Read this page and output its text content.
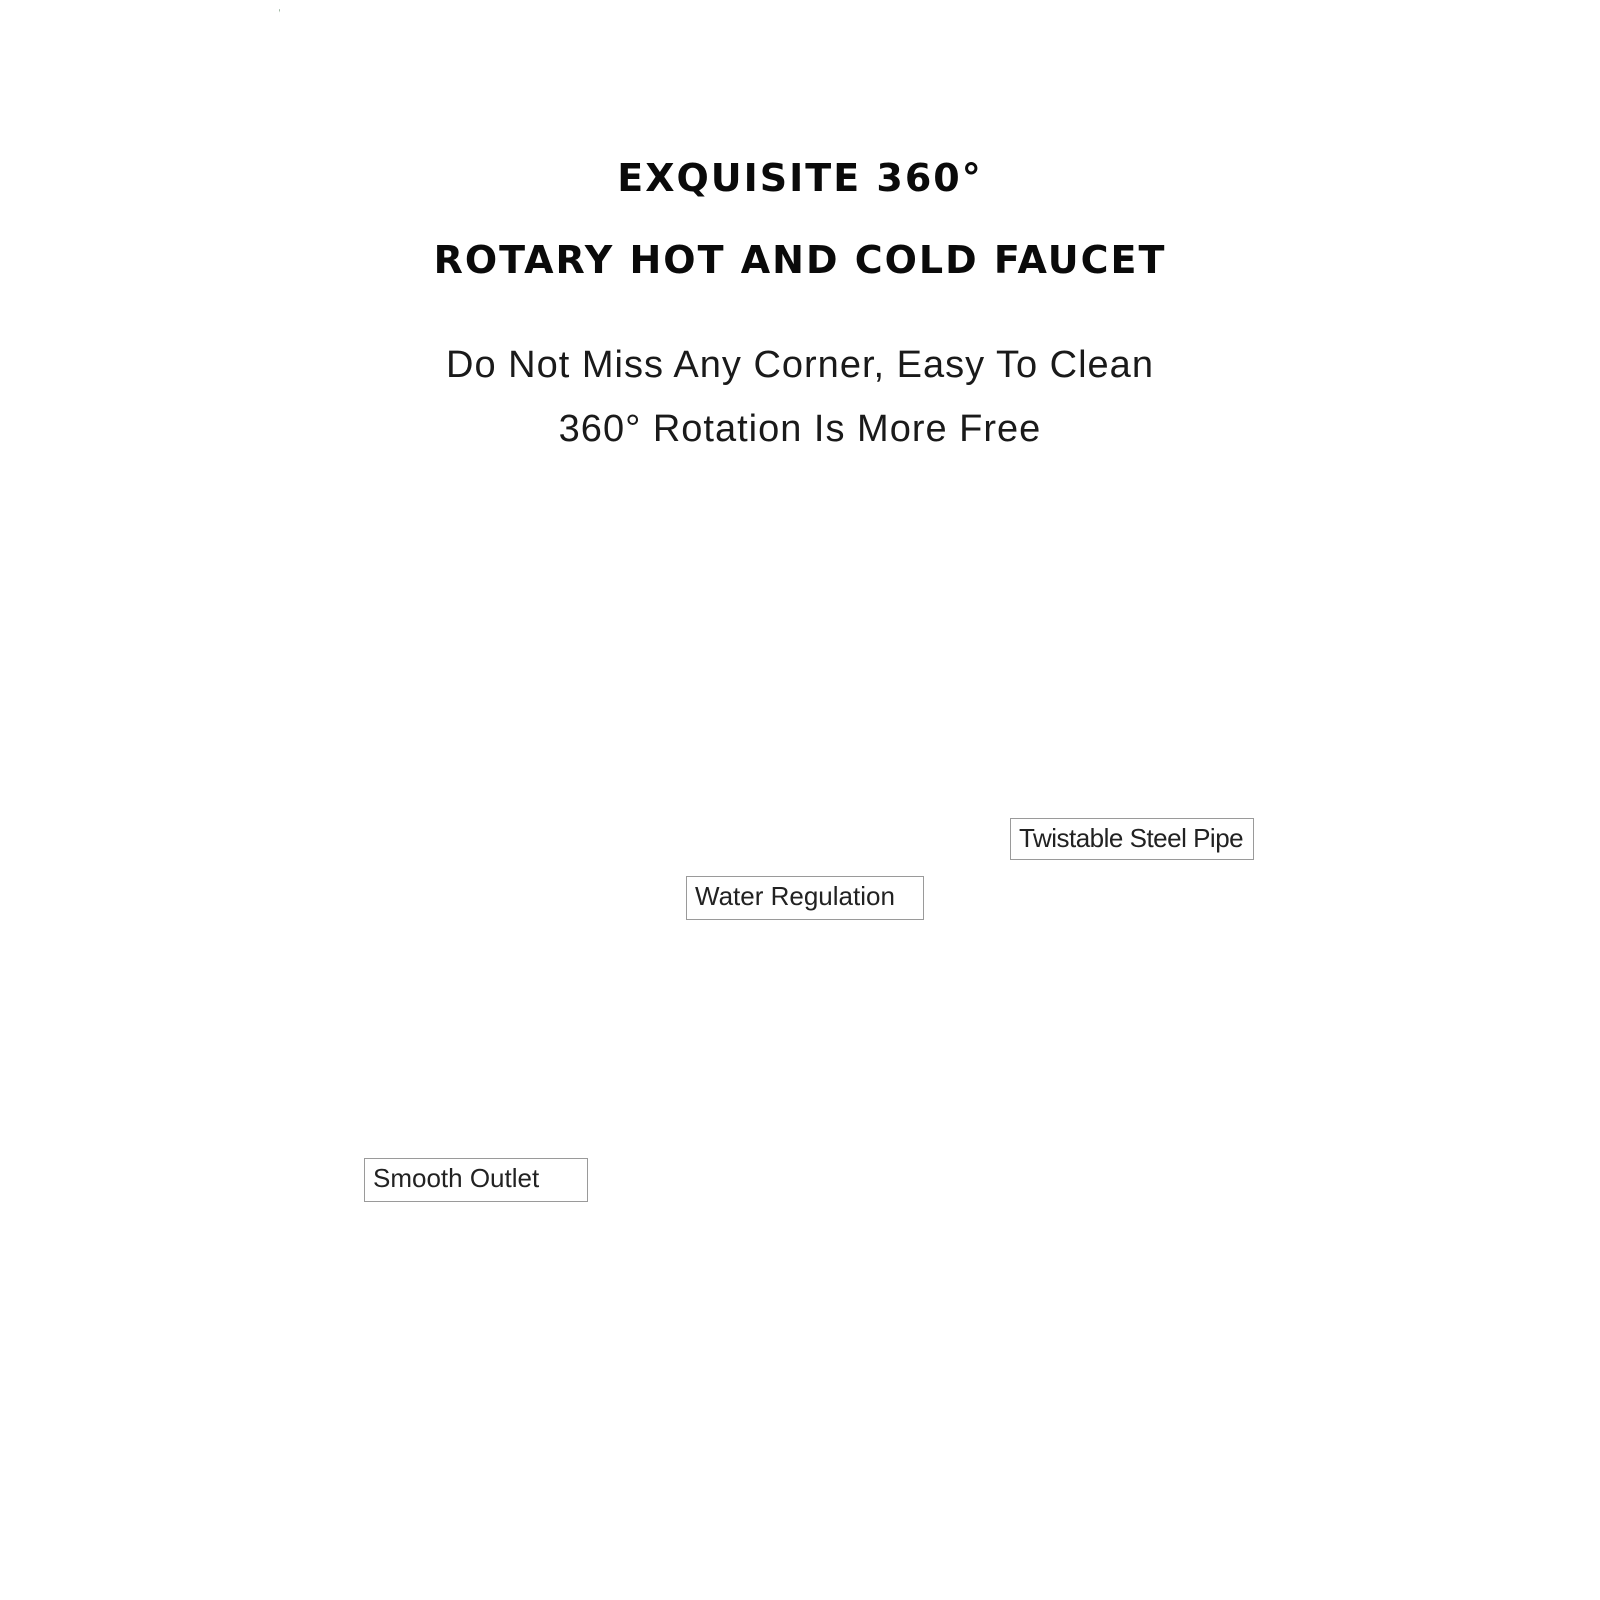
EXQUISITE 360°
ROTARY HOT AND COLD FAUCET
Do Not Miss Any Corner, Easy To Clean
360° Rotation Is More Free
Twistable Steel Pipe
Water Regulation
Smooth Outlet
